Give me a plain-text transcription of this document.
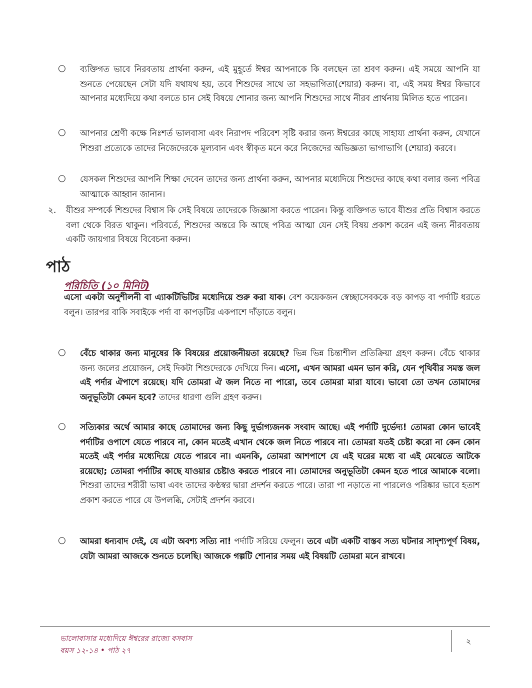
○ ব্যক্তিগত ভাবে নিরবতায় প্রার্থনা করুন, এই মুহূর্তে ঈশ্বর আপনাকে কি বলছেন তা শ্রবণ করুন। এই সময়ে আপনি যা শুনতে পেয়েছেন সেটা যদি যথাযথ হয়, তবে শিশুদের সাথে তা সহভাগিতা(শেয়ার) করুন। বা, এই সময় ঈশ্বর কিভাবে আপনার মধ্যেদিয়ে কথা বলতে চান সেই বিষয়ে শোনার জন্য আপনি শিশুদের সাথে নীরব প্রার্থনায় মিলিত হতে পারেন।
○ আপনার শ্রেণী কক্ষে নিঃশর্ত ভালবাসা এবং নিরাপদ পরিবেশ সৃষ্টি করার জন্য ঈশ্বরের কাছে সাহায্য প্রার্থনা করুন, যেখানে শিশুরা প্রত্যেকে তাদের নিজেদেরকে মূল্যবান এবং স্বীকৃত মনে করে নিজেদের অভিজ্ঞতা ভাগাভাগি (শেয়ার) করবে।
○ যেসকল শিশুদের আপনি শিক্ষা দেবেন তাদের জন্য প্রার্থনা করুন, আপনার মধ্যেদিয়ে শিশুদের কাছে কথা বলার জন্য পবিত্র আত্মাকে আহ্বান জানান।
২. যীশুর সম্পর্কে শিশুদের বিশ্বাস কি সেই বিষয়ে তাদেরকে জিজ্ঞাসা করতে পারেন। কিন্তু ব্যক্তিগত ভাবে যীশুর প্রতি বিশ্বাস করতে বলা থেকে বিরত থাকুন। পরিবর্তে, শিশুদের অন্তরে কি আছে পবিত্র আত্মা যেন সেই বিষয় প্রকাশ করেন এই জন্য নীরবতায় একটি জায়গার বিষয়ে বিবেচনা করুন।
পাঠ
পরিচিতি (১০ মিনিট)
এসো একটা অনুশীলনী বা এ্যাকটিভিটির মধ্যেদিয়ে শুরু করা যাক। বেশ কয়েকজন স্বেচ্ছাসেবককে বড় কাপড় বা পর্দাটি ধরতে বলুন। তারপর বাকি সবাইকে পর্দা বা কাপড়টির একপাশে দাঁড়াতে বলুন।
○ বেঁচে থাকার জন্য মানুষের কি বিষয়ের প্রয়োজনীয়তা রয়েছে? ভিন্ন ভিন্ন চিন্তাশীল প্রতিক্রিয়া গ্রহণ করুন। বেঁচে থাকার জন্য জলের প্রয়োজন, সেই দিকটা শিশুদেরকে দেখিয়ে দিন। এসো, এখন আমরা এমন ভান করি, যেন পৃথিবীর সমস্ত জল এই পর্দার ঐপাশে রয়েছে। যদি তোমরা ঐ জল নিতে না পারো, তবে তোমরা মারা যাবে। ভাবো তো তখন তোমাদের অনুভূতিটা কেমন হবে? তাদের ধারণা গুলি গ্রহণ করুন।
○ সত্যিকার অর্থে আমার কাছে তোমাদের জন্য কিছু দুর্ভাগ্যজনক সংবাদ আছে। এই পর্দাটি দুর্ভেদ্য! তোমরা কোন ভাবেই পর্দাটির ওপাশে যেতে পারবে না, কোন মতেই এখান থেকে জল নিতে পারবে না। তোমরা যতই চেষ্টা করো না কেন কোন মতেই এই পর্দার মধ্যেদিয়ে যেতে পারবে না। এমনকি, তোমরা আশপাশে যে এই ঘরের মধ্যে বা এই মেঝেতে আটকে রয়েছো; তোমরা পর্দাটির কাছে যাওয়ার চেষ্টাও করতে পারবে না। তোমাদের অনুভূতিটা কেমন হতে পারে আমাকে বলো। শিশুরা তাদের শরীরী ভাষা এবং তাদের কণ্ঠস্বর দ্বারা প্রদর্শন করতে পারে। তারা পা নড়াতে না পারলেও পরিষ্কার ভাবে হতাশ প্রকাশ করতে পারে যে উপলব্ধি, সেটাই প্রদর্শন করবে।
○ আমরা ধন্যবাদ দেই, যে এটা অবশ্য সত্যি না! পর্দাটি সরিয়ে ফেলুন। তবে এটা একটি বাস্তব সত্য ঘটনার সাদৃশ্যপূর্ণ বিষয়, যেটা আমরা আজকে শুনতে চলেছি। আজকে গল্পটি শোনার সময় এই বিষয়টি তোমরা মনে রাখবে।
ভালোবাসার মধ্যেদিয়ে ঈশ্বরের রাজ্যে বসবাস
বয়স ১২-১৪ • পাঠ ২৭
২
